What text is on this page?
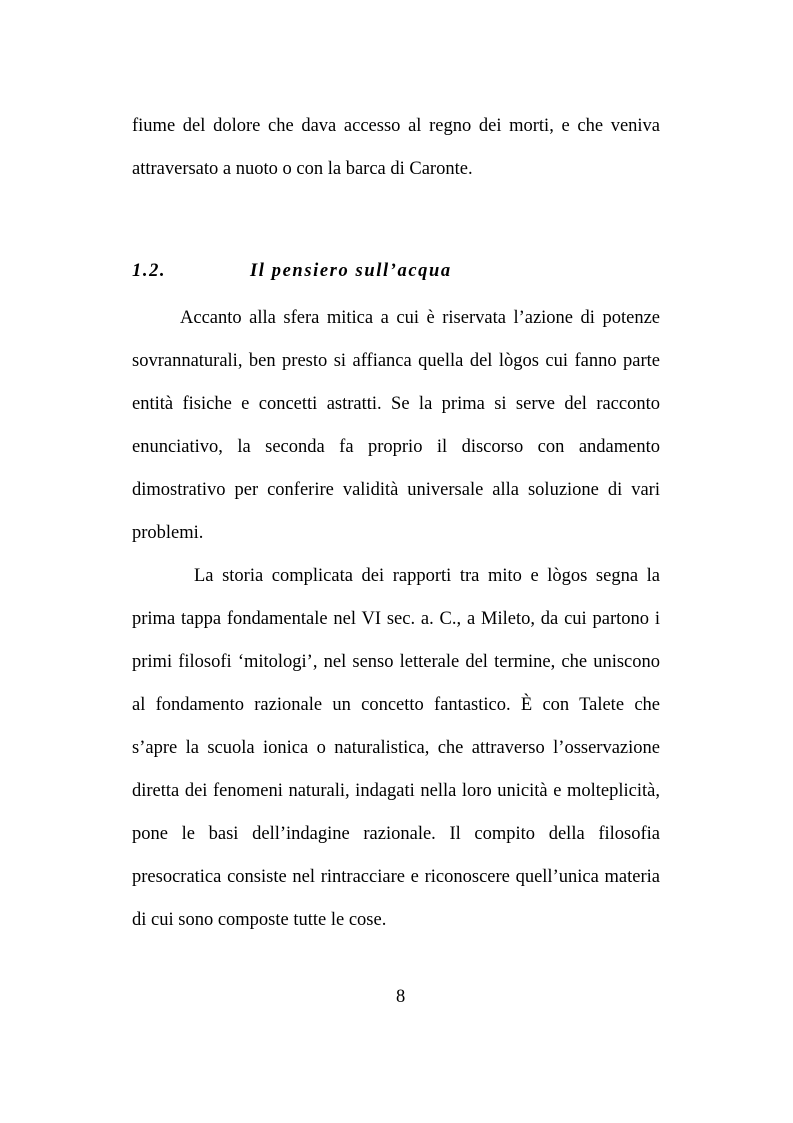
fiume del dolore che dava accesso al regno dei morti, e che veniva
attraversato a nuoto o con la barca di Caronte.
1.2.	Il pensiero sull’acqua
Accanto alla sfera mitica a cui è riservata l’azione di potenze
sovrannaturali, ben presto si affianca quella del lògos cui fanno parte
entità fisiche e concetti astratti. Se la prima si serve del racconto
enunciativo, la seconda fa proprio il discorso con andamento
dimostrativo per conferire validità universale alla soluzione di vari
problemi.
La storia complicata dei rapporti tra mito e lògos segna la
prima tappa fondamentale nel VI sec. a. C., a Mileto, da cui partono i
primi filosofi ‘mitologi’, nel senso letterale del termine, che uniscono
al fondamento razionale un concetto fantastico. È con Talete che
s’apre la scuola ionica o naturalistica, che attraverso l’osservazione
diretta dei fenomeni naturali, indagati nella loro unicità e molteplicità,
pone le basi dell’indagine razionale. Il compito della filosofia
presocratica consiste nel rintracciare e riconoscere quell’unica materia
di cui sono composte tutte le cose.
8
